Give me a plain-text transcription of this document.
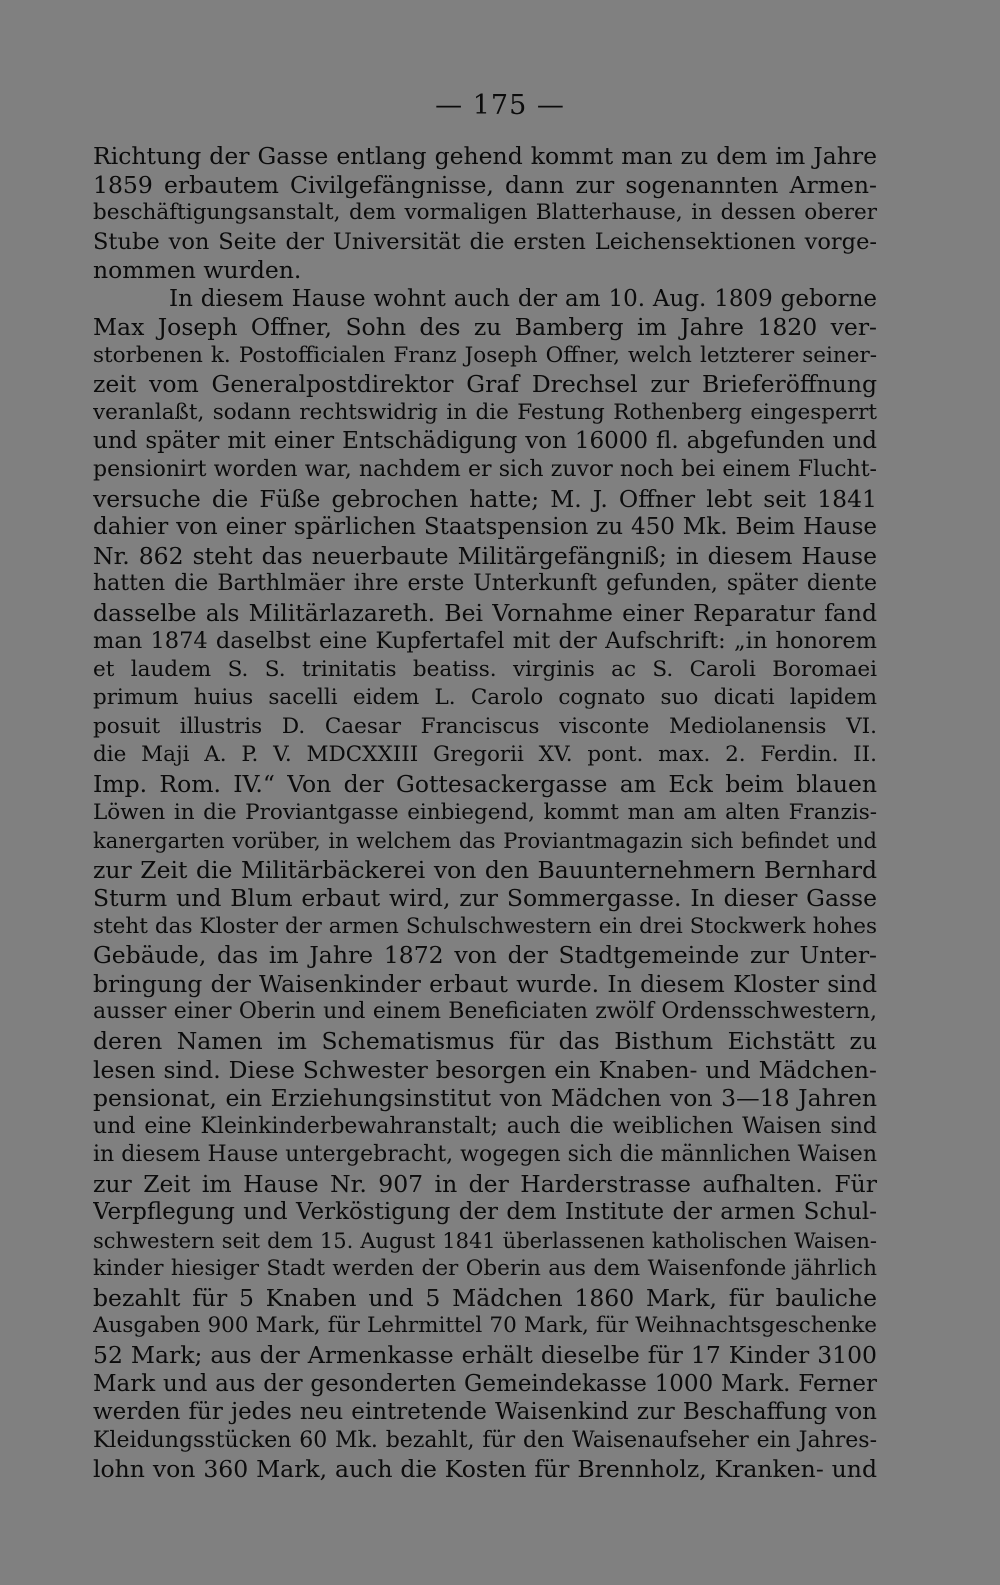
— 175 —
Richtung der Gasse entlang gehend kommt man zu dem im Jahre
1859 erbautem Civilgefängnisse, dann zur sogenannten Armen-
beschäftigungsanstalt, dem vormaligen Blatterhause, in dessen oberer
Stube von Seite der Universität die ersten Leichensektionen vorge-
nommen wurden.
In diesem Hause wohnt auch der am 10. Aug. 1809 geborne
Max Joseph Offner, Sohn des zu Bamberg im Jahre 1820 ver-
storbenen k. Postofficialen Franz Joseph Offner, welch letzterer seiner-
zeit vom Generalpostdirektor Graf Drechsel zur Brieferöffnung
veranlaßt, sodann rechtswidrig in die Festung Rothenberg eingesperrt
und später mit einer Entschädigung von 16000 fl. abgefunden und
pensionirt worden war, nachdem er sich zuvor noch bei einem Flucht-
versuche die Füße gebrochen hatte; M. J. Offner lebt seit 1841
dahier von einer spärlichen Staatspension zu 450 Mk. Beim Hause
Nr. 862 steht das neuerbaute Militärgefängniß; in diesem Hause
hatten die Barthlmäer ihre erste Unterkunft gefunden, später diente
dasselbe als Militärlazareth. Bei Vornahme einer Reparatur fand
man 1874 daselbst eine Kupfertafel mit der Aufschrift: „in honorem
et laudem S. S. trinitatis beatiss. virginis ac S. Caroli Boromaei
primum huius sacelli eidem L. Carolo cognato suo dicati lapidem
posuit illustris D. Caesar Franciscus visconte Mediolanensis VI.
die Maji A. P. V. MDCXXIII Gregorii XV. pont. max. 2. Ferdin. II.
Imp. Rom. IV.“ Von der Gottesackergasse am Eck beim blauen
Löwen in die Proviantgasse einbiegend, kommt man am alten Franzis-
kanergarten vorüber, in welchem das Proviantmagazin sich befindet und
zur Zeit die Militärbäckerei von den Bauunternehmern Bernhard
Sturm und Blum erbaut wird, zur Sommergasse. In dieser Gasse
steht das Kloster der armen Schulschwestern ein drei Stockwerk hohes
Gebäude, das im Jahre 1872 von der Stadtgemeinde zur Unter-
bringung der Waisenkinder erbaut wurde. In diesem Kloster sind
ausser einer Oberin und einem Beneficiaten zwölf Ordensschwestern,
deren Namen im Schematismus für das Bisthum Eichstätt zu
lesen sind. Diese Schwester besorgen ein Knaben- und Mädchen-
pensionat, ein Erziehungsinstitut von Mädchen von 3—18 Jahren
und eine Kleinkinderbewahranstalt; auch die weiblichen Waisen sind
in diesem Hause untergebracht, wogegen sich die männlichen Waisen
zur Zeit im Hause Nr. 907 in der Harderstrasse aufhalten. Für
Verpflegung und Verköstigung der dem Institute der armen Schul-
schwestern seit dem 15. August 1841 überlassenen katholischen Waisen-
kinder hiesiger Stadt werden der Oberin aus dem Waisenfonde jährlich
bezahlt für 5 Knaben und 5 Mädchen 1860 Mark, für bauliche
Ausgaben 900 Mark, für Lehrmittel 70 Mark, für Weihnachtsgeschenke
52 Mark; aus der Armenkasse erhält dieselbe für 17 Kinder 3100
Mark und aus der gesonderten Gemeindekasse 1000 Mark. Ferner
werden für jedes neu eintretende Waisenkind zur Beschaffung von
Kleidungsstücken 60 Mk. bezahlt, für den Waisenaufseher ein Jahres-
lohn von 360 Mark, auch die Kosten für Brennholz, Kranken- und
